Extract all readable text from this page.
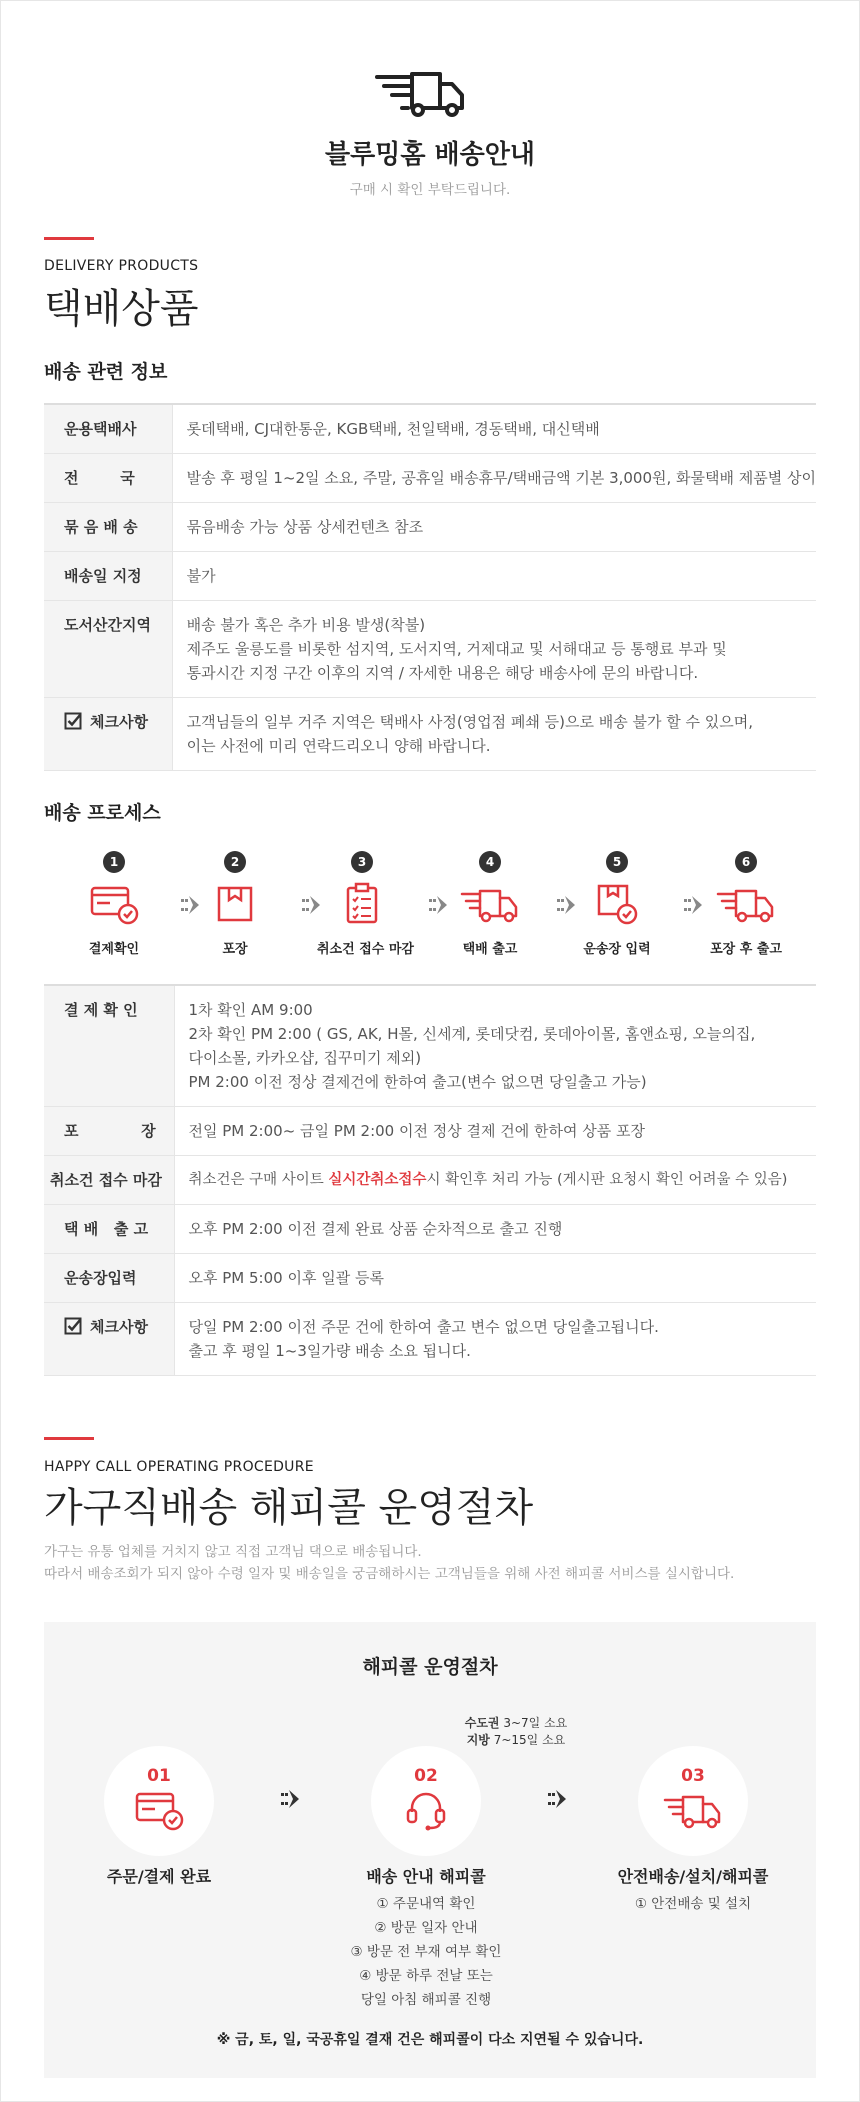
블루밍홈 배송안내
구매 시 확인 부탁드립니다.
DELIVERY PRODUCTS
택배상품
배송 관련 정보
운용택배사	롯데택배, CJ대한통운, KGB택배, 천일택배, 경동택배, 대신택배

전        국	발송 후 평일 1~2일 소요, 주말, 공휴일 배송휴무/택배금액 기본 3,000원, 화물택배 제품별 상이

묶 음 배 송	묶음배송 가능 상품 상세컨텐츠 참조

배송일 지정	불가

도서산간지역	배송 불가 혹은 추가 비용 발생(착불)
제주도 울릉도를 비롯한 섬지역, 도서지역, 거제대교 및 서해대교 등 통행료 부과 및
통과시간 지정 구간 이후의 지역 / 자세한 내용은 해당 배송사에 문의 바랍니다.

체크사항	고객님들의 일부 거주 지역은 택배사 사정(영업점 폐쇄 등)으로 배송 불가 할 수 있으며,
이는 사전에 미리 연락드리오니 양해 바랍니다.
배송 프로세스
1
결제확인
2
포장
3
취소건 접수 마감
4
택배 출고
5
운송장 입력
6
포장 후 출고
결 제 확 인	1차 확인 AM 9:00
2차 확인 PM 2:00 ( GS, AK, H몰, 신세계, 롯데닷컴, 롯데아이몰, 홈앤쇼핑, 오늘의집,
다이소몰, 카카오샵, 집꾸미기 제외)
PM 2:00 이전 정상 결제건에 한하여 출고(변수 없으면 당일출고 가능)

포            장	전일 PM 2:00~ 금일 PM 2:00 이전 정상 결제 건에 한하여 상품 포장

취소건 접수 마감	취소건은 구매 사이트 실시간취소접수시 확인후 처리 가능 (게시판 요청시 확인 어려울 수 있음)
택 배   출 고	오후 PM 2:00 이전 결제 완료 상품 순차적으로 출고 진행

운송장입력	오후 PM 5:00 이후 일괄 등록

체크사항	당일 PM 2:00 이전 주문 건에 한하여 출고 변수 없으면 당일출고됩니다.
출고 후 평일 1~3일가량 배송 소요 됩니다.
HAPPY CALL OPERATING PROCEDURE
가구직배송 해피콜 운영절차
가구는 유통 업체를 거치지 않고 직접 고객님 댁으로 배송됩니다.
따라서 배송조회가 되지 않아 수령 일자 및 배송일을 궁금해하시는 고객님들을 위해 사전 해피콜 서비스를 실시합니다.
해피콜 운영절차
수도권 3~7일 소요
지방 7~15일 소요
01
주문/결제 완료
02
배송 안내 해피콜
① 주문내역 확인
② 방문 일자 안내
③ 방문 전 부재 여부 확인
④ 방문 하루 전날 또는
당일 아침 해피콜 진행
03
안전배송/설치/해피콜
① 안전배송 및 설치
※ 금, 토, 일, 국공휴일 결재 건은 해피콜이 다소 지연될 수 있습니다.
